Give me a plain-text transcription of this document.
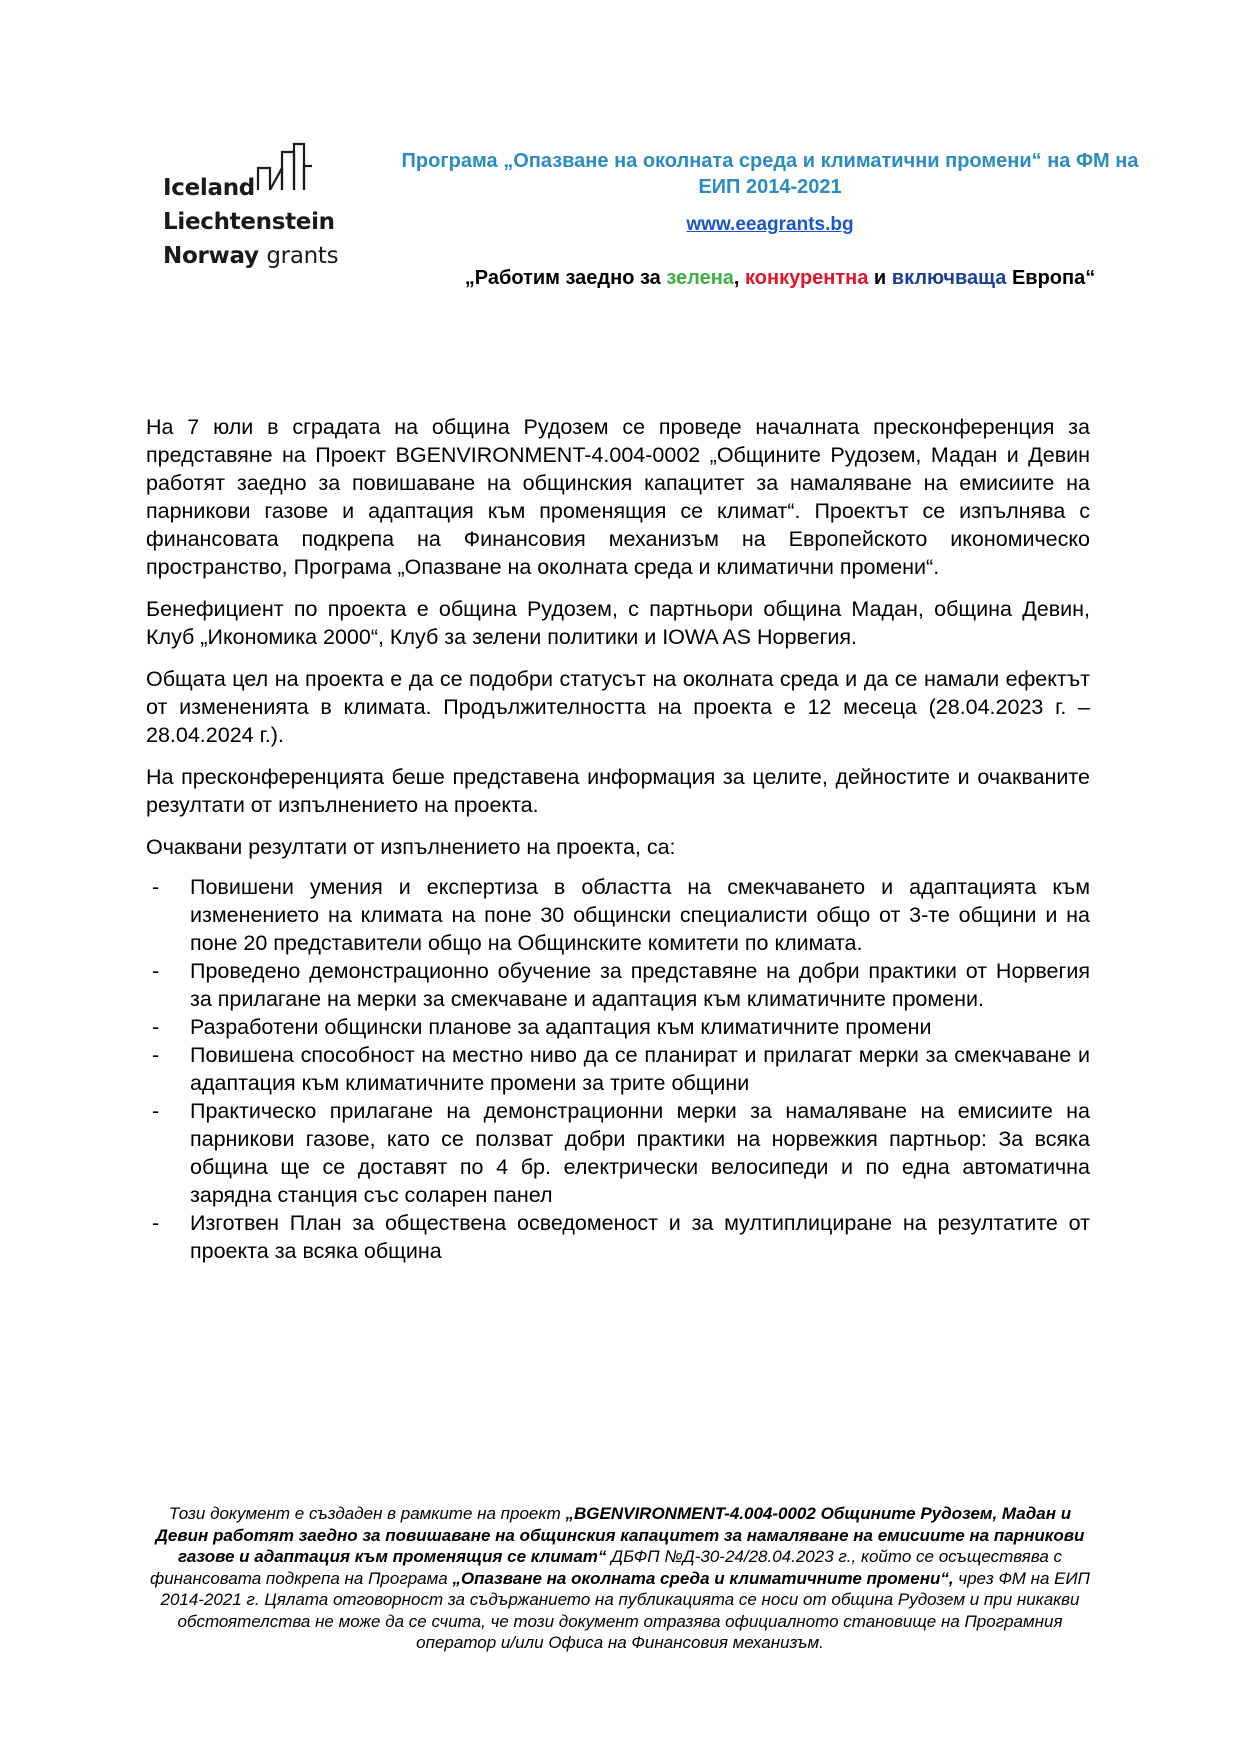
Iceland
Liechtenstein
Norway grants

Програма „Опазване на околната среда и климатични промени“ на ФМ на ЕИП 2014-2021

www.eeagrants.bg
„Работим заедно за зелена, конкурентна и включваща Европа“

На 7 юли в сградата на община Рудозем се проведе началната пресконференция за представяне на Проект BGENVIRONMENT-4.004-0002 „Общините Рудозем, Мадан и Девин работят заедно за повишаване на общинския капацитет за намаляване на емисиите на парникови газове и адаптация към променящия се климат“. Проектът се изпълнява с финансовата подкрепа на Финансовия механизъм на Европейското икономическо пространство, Програма „Опазване на околната среда и климатични промени“.

Бенефициент по проекта е община Рудозем, с партньори община Мадан, община Девин, Клуб „Икономика 2000“, Клуб за зелени политики и IOWA AS Норвегия.

Общата цел на проекта е да се подобри статусът на околната среда и да се намали ефектът от измененията в климата. Продължителността на проекта е 12 месеца (28.04.2023 г. – 28.04.2024 г.).

На пресконференцията беше представена информация за целите, дейностите и очакваните резултати от изпълнението на проекта.

Очаквани резултати от изпълнението на проекта, са:

- Повишени умения и експертиза в областта на смекчаването и адаптацията към изменението на климата на поне 30 общински специалисти общо от 3-те общини и на поне 20 представители общо на Общинските комитети по климата.
- Проведено демонстрационно обучение за представяне на добри практики от Норвегия за прилагане на мерки за смекчаване и адаптация към климатичните промени.
- Разработени общински планове за адаптация към климатичните промени
- Повишена способност на местно ниво да се планират и прилагат мерки за смекчаване и адаптация към климатичните промени за трите общини
- Практическо прилагане на демонстрационни мерки за намаляване на емисиите на парникови газове, като се ползват добри практики на норвежкия партньор: За всяка община ще се доставят по 4 бр. електрически велосипеди и по една автоматична зарядна станция със соларен панел
- Изготвен План за обществена осведоменост и за мултиплициране на резултатите от проекта за всяка община
Този документ е създаден в рамките на проект „BGENVIRONMENT-4.004-0002 Общините Рудозем, Мадан и Девин работят заедно за повишаване на общинския капацитет за намаляване на емисиите на парникови газове и адаптация към променящия се климат“ ДБФП №Д-30-24/28.04.2023 г., който се осъществява с финансовата подкрепа на Програма „Опазване на околната среда и климатичните промени“, чрез ФМ на ЕИП 2014-2021 г. Цялата отговорност за съдържанието на публикацията се носи от община Рудозем и при никакви обстоятелства не може да се счита, че този документ отразява официалното становище на Програмния оператор и/или Офиса на Финансовия механизъм.
